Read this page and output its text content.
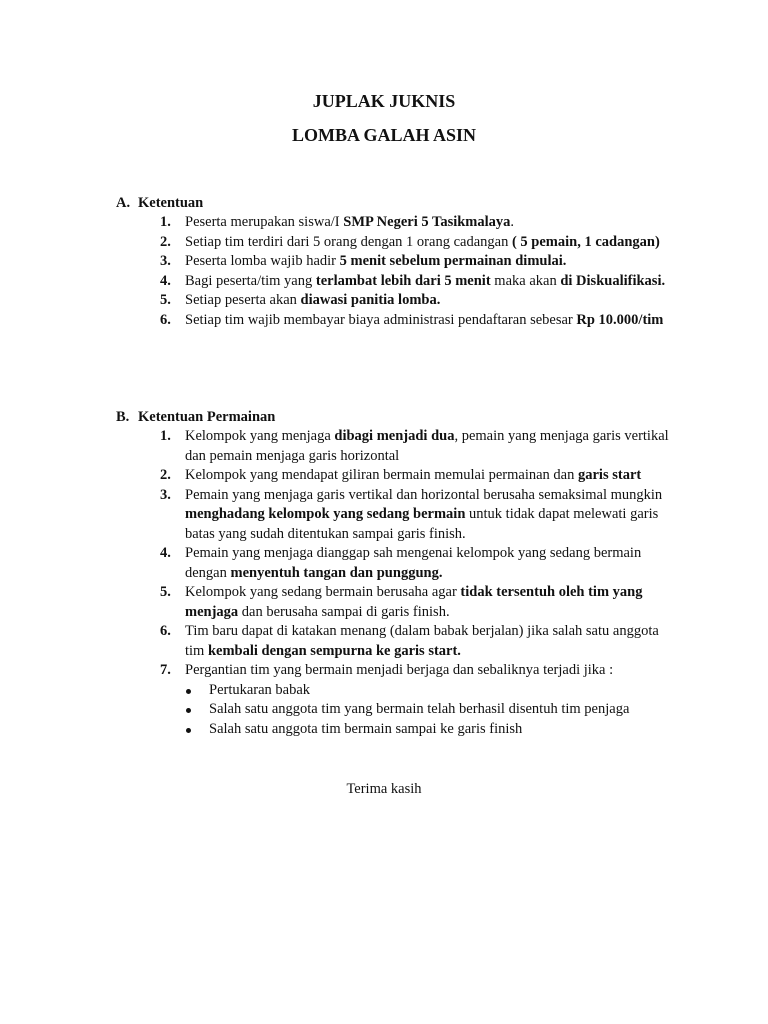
JUPLAK JUKNIS
LOMBA GALAH ASIN
A. Ketentuan
1. Peserta merupakan siswa/I SMP Negeri 5 Tasikmalaya.
2. Setiap tim terdiri dari 5 orang dengan 1 orang cadangan ( 5 pemain, 1 cadangan)
3. Peserta lomba wajib hadir 5 menit sebelum permainan dimulai.
4. Bagi peserta/tim yang terlambat lebih dari 5 menit maka akan di Diskualifikasi.
5. Setiap peserta akan diawasi panitia lomba.
6. Setiap tim wajib membayar biaya administrasi pendaftaran sebesar Rp 10.000/tim
B. Ketentuan Permainan
1. Kelompok yang menjaga dibagi menjadi dua, pemain yang menjaga garis vertikal dan pemain menjaga garis horizontal
2. Kelompok yang mendapat giliran bermain memulai permainan dan garis start
3. Pemain yang menjaga garis vertikal dan horizontal berusaha semaksimal mungkin menghadang kelompok yang sedang bermain untuk tidak dapat melewati garis batas yang sudah ditentukan sampai garis finish.
4. Pemain yang menjaga dianggap sah mengenai kelompok yang sedang bermain dengan menyentuh tangan dan punggung.
5. Kelompok yang sedang bermain berusaha agar tidak tersentuh oleh tim yang menjaga dan berusaha sampai di garis finish.
6. Tim baru dapat di katakan menang (dalam babak berjalan) jika salah satu anggota tim kembali dengan sempurna ke garis start.
7. Pergantian tim yang bermain menjadi berjaga dan sebaliknya terjadi jika :
Pertukaran babak
Salah satu anggota tim yang bermain telah berhasil disentuh tim penjaga
Salah satu anggota tim bermain sampai ke garis finish
Terima kasih
